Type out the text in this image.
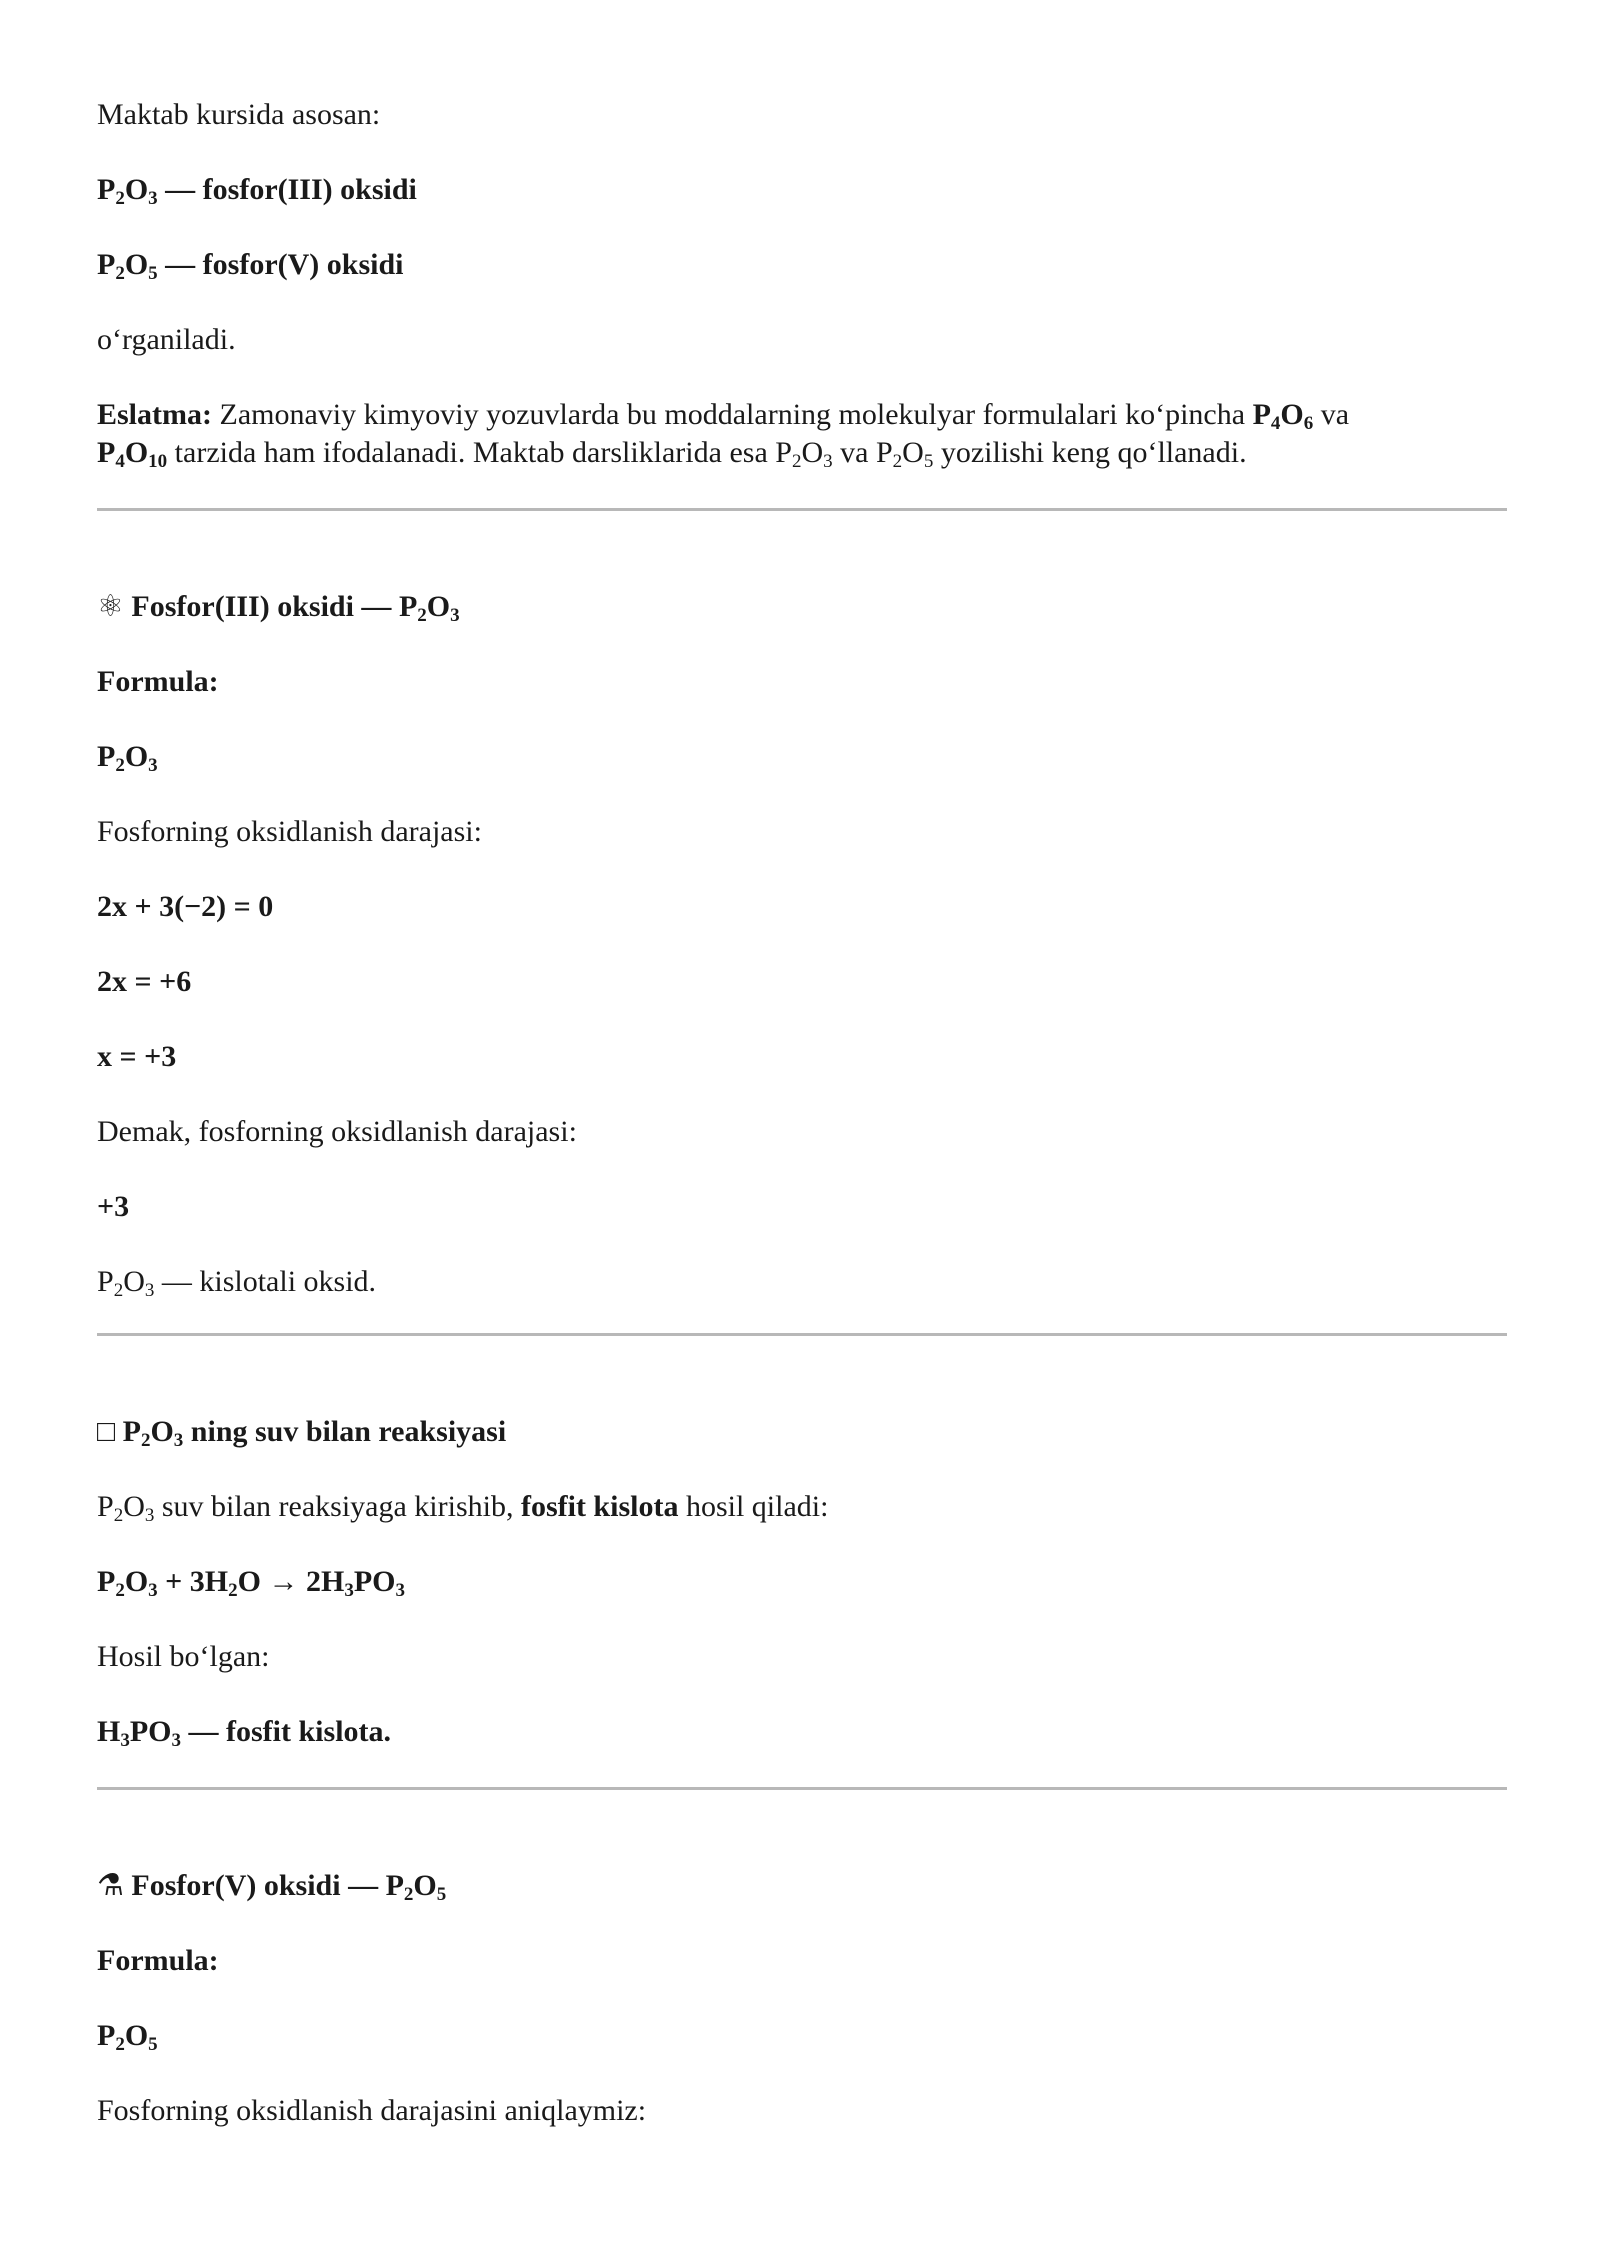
Maktab kursida asosan:

$P_2O_3$ — fosfor(III) oksidi

$P_2O_5$ — fosfor(V) oksidi

o‘rganiladi.

Eslatma: Zamonaviy kimyoviy yozuvlarda bu moddalarning molekulyar formulalari ko‘pincha $P_4O_6$ va
$P_4O_{10}$ tarzida ham ifodalanadi. Maktab darsliklarida esa $P_2O_3$ va $P_2O_5$ yozilishi keng qo‘llanadi.

⚛ Fosfor(III) oksidi — $P_2O_3$

Formula:

$P_2O_3$

Fosforning oksidlanish darajasi:

2x + 3(−2) = 0

2x = +6

x = +3

Demak, fosforning oksidlanish darajasi:

+3

$P_2O_3$ — kislotali oksid.

□ $P_2O_3$ ning suv bilan reaksiyasi

$P_2O_3$ suv bilan reaksiyaga kirishib, fosfit kislota hosil qiladi:

$P_2O_3 + 3H_2O \to 2H_3PO_3$

Hosil bo‘lgan:

$H_3PO_3$ — fosfit kislota.

⚗ Fosfor(V) oksidi — $P_2O_5$

Formula:

$P_2O_5$

Fosforning oksidlanish darajasini aniqlaymiz:
